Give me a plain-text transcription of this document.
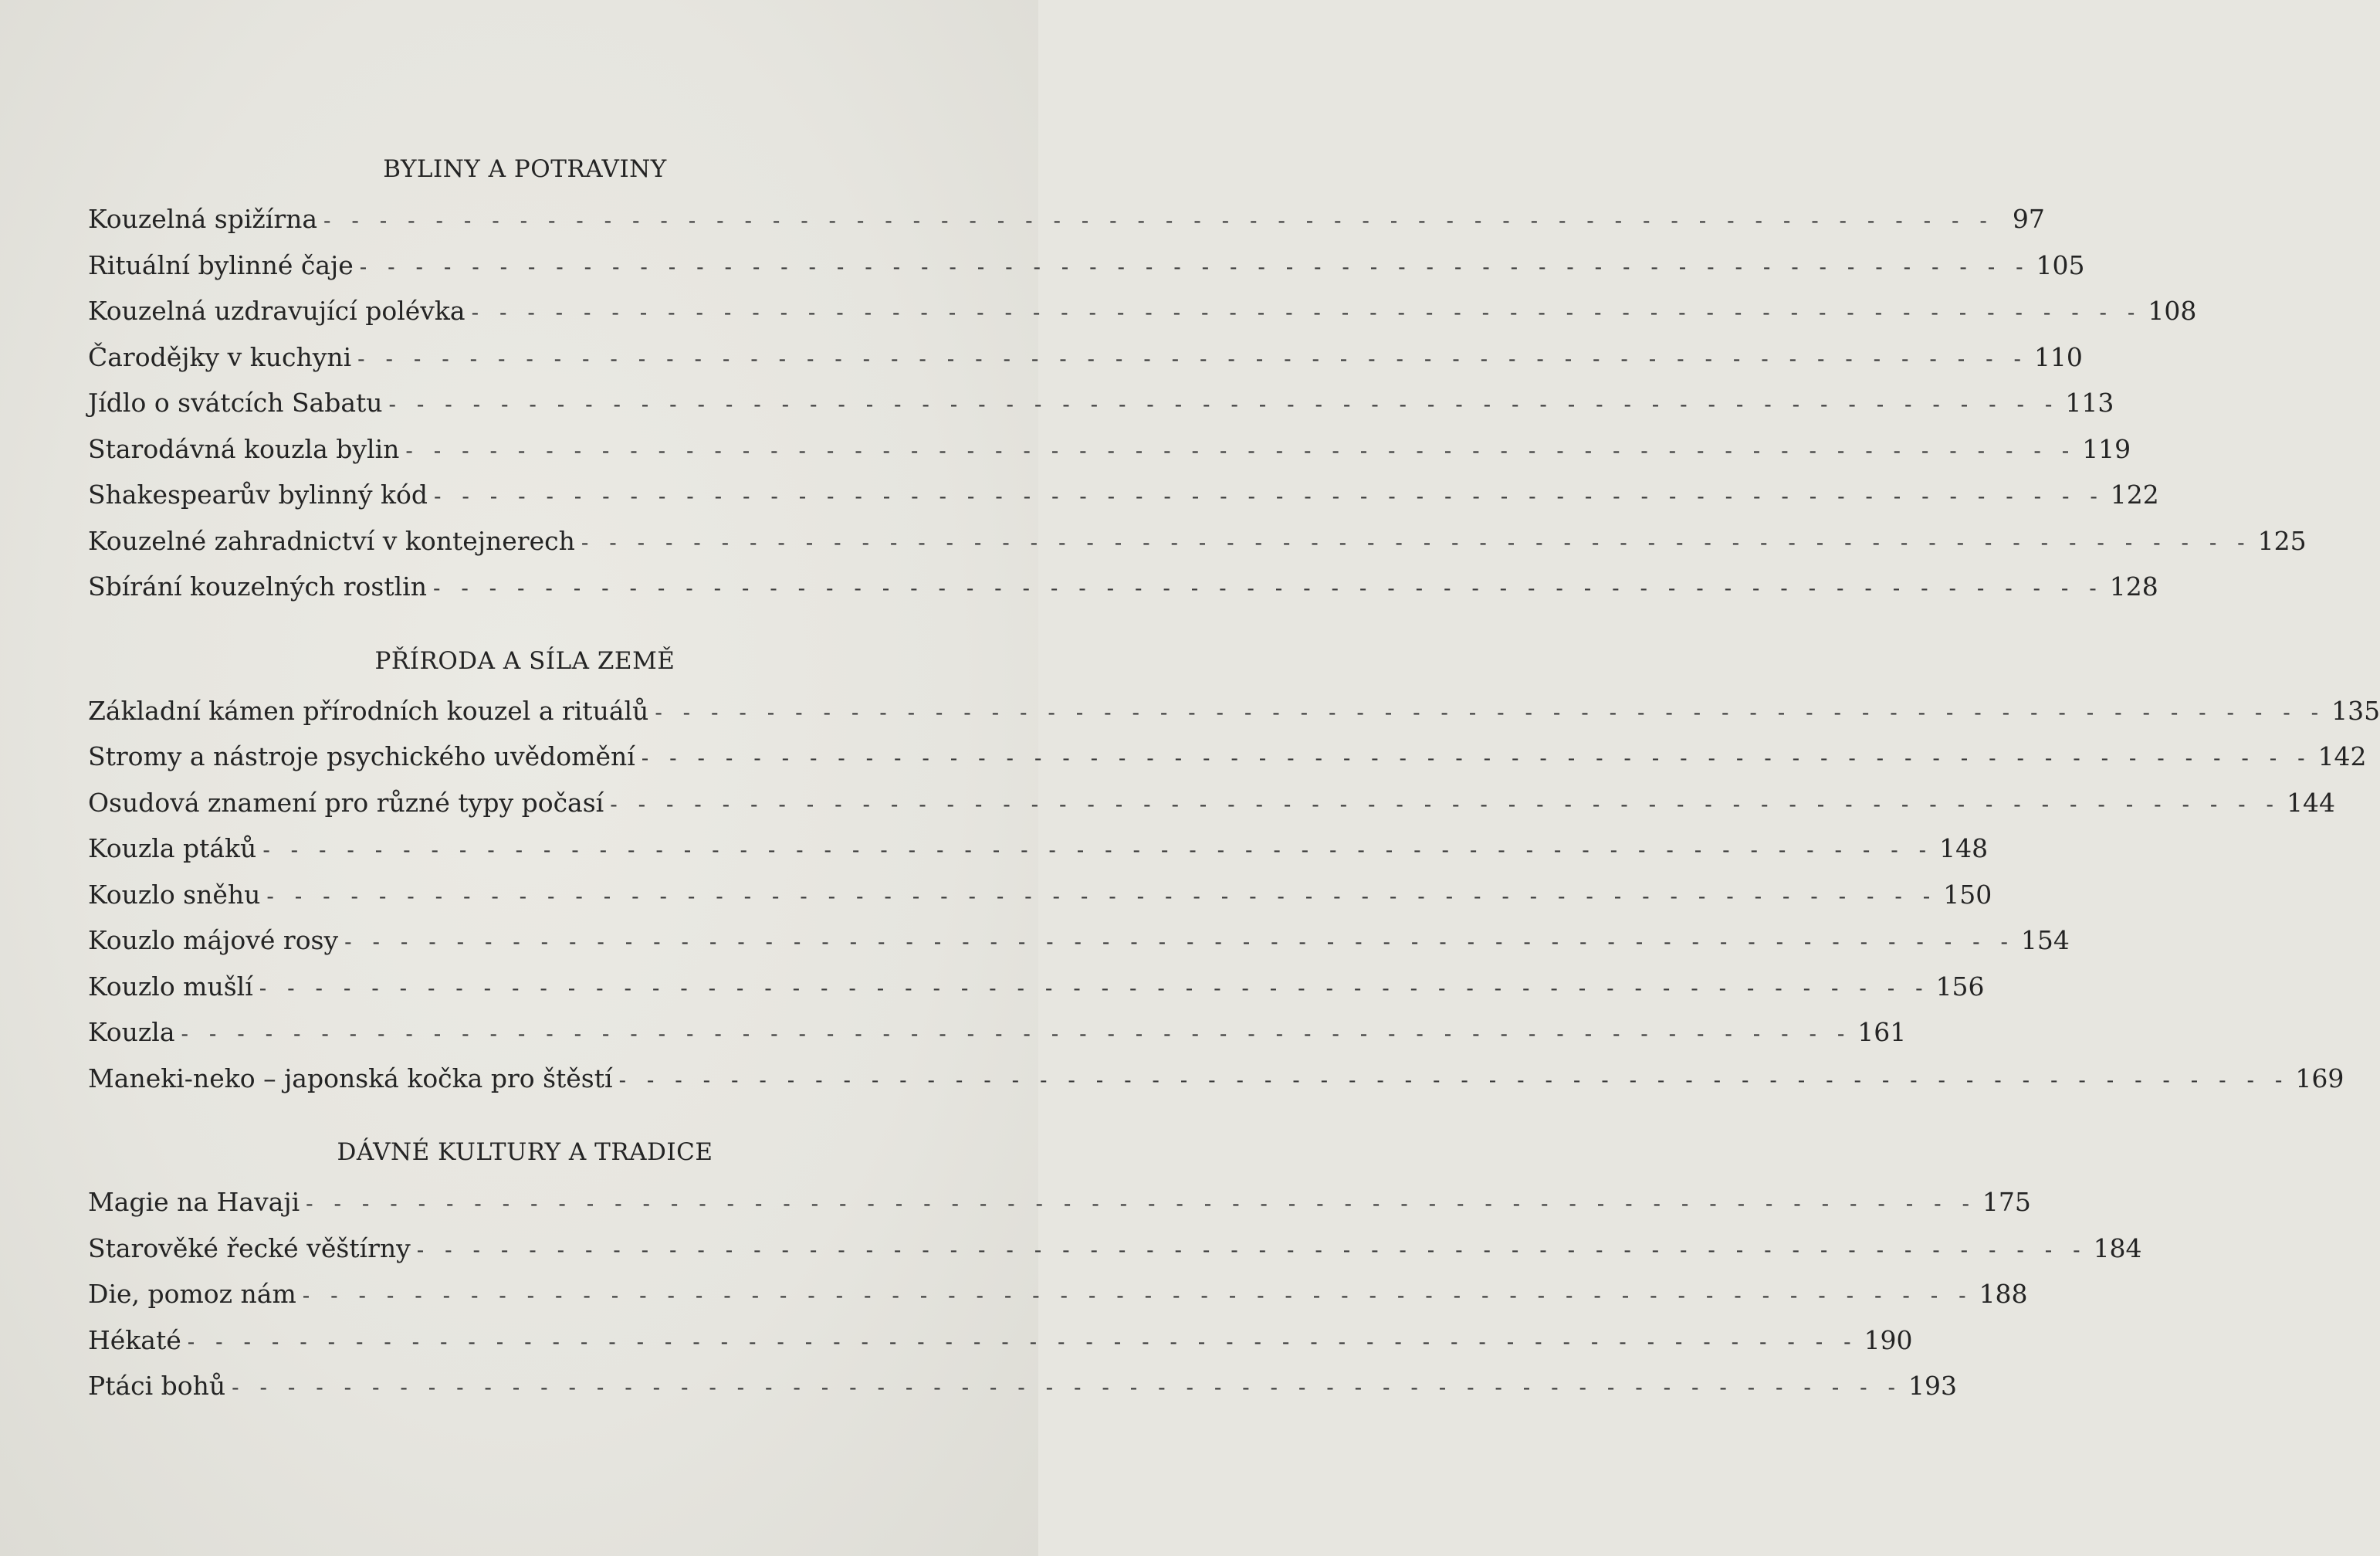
BYLINY A POTRAVINY
Kouzelná spižírna - - - - - - - - - - - - - - - - - - - - - - - - - - - - - - - - - - - - - - - - - - - - - - - - - - - - - - - - - - - - 97
Rituální bylinné čaje - - - - - - - - - - - - - - - - - - - - - - - - - - - - - - - - - - - - - - - - - - - - - - - - - - - - - - - - - - - - 105
Kouzelná uzdravující polévka - - - - - - - - - - - - - - - - - - - - - - - - - - - - - - - - - - - - - - - - - - - - - - - - - - - - - - - - - - - - 108
Čarodějky v kuchyni - - - - - - - - - - - - - - - - - - - - - - - - - - - - - - - - - - - - - - - - - - - - - - - - - - - - - - - - - - - - 110
Jídlo o svátcích Sabatu - - - - - - - - - - - - - - - - - - - - - - - - - - - - - - - - - - - - - - - - - - - - - - - - - - - - - - - - - - - - 113
Starodávná kouzla bylin - - - - - - - - - - - - - - - - - - - - - - - - - - - - - - - - - - - - - - - - - - - - - - - - - - - - - - - - - - - - 119
Shakespearův bylinný kód - - - - - - - - - - - - - - - - - - - - - - - - - - - - - - - - - - - - - - - - - - - - - - - - - - - - - - - - - - - - 122
Kouzelné zahradnictví v kontejnerech - - - - - - - - - - - - - - - - - - - - - - - - - - - - - - - - - - - - - - - - - - - - - - - - - - - - - - - - - - - - 125
Sbírání kouzelných rostlin - - - - - - - - - - - - - - - - - - - - - - - - - - - - - - - - - - - - - - - - - - - - - - - - - - - - - - - - - - - - 128
PŘÍRODA A SÍLA ZEMĚ
Základní kámen přírodních kouzel a rituálů - - - - - - - - - - - - - - - - - - - - - - - - - - - - - - - - - - - - - - - - - - - - - - - - - - - - - - - - - - - - 135
Stromy a nástroje psychického uvědomění - - - - - - - - - - - - - - - - - - - - - - - - - - - - - - - - - - - - - - - - - - - - - - - - - - - - - - - - - - - - 142
Osudová znamení pro různé typy počasí - - - - - - - - - - - - - - - - - - - - - - - - - - - - - - - - - - - - - - - - - - - - - - - - - - - - - - - - - - - - 144
Kouzla ptáků - - - - - - - - - - - - - - - - - - - - - - - - - - - - - - - - - - - - - - - - - - - - - - - - - - - - - - - - - - - - 148
Kouzlo sněhu - - - - - - - - - - - - - - - - - - - - - - - - - - - - - - - - - - - - - - - - - - - - - - - - - - - - - - - - - - - - 150
Kouzlo májové rosy - - - - - - - - - - - - - - - - - - - - - - - - - - - - - - - - - - - - - - - - - - - - - - - - - - - - - - - - - - - - 154
Kouzlo mušlí - - - - - - - - - - - - - - - - - - - - - - - - - - - - - - - - - - - - - - - - - - - - - - - - - - - - - - - - - - - - 156
Kouzla - - - - - - - - - - - - - - - - - - - - - - - - - - - - - - - - - - - - - - - - - - - - - - - - - - - - - - - - - - - - 161
Maneki-neko – japonská kočka pro štěstí - - - - - - - - - - - - - - - - - - - - - - - - - - - - - - - - - - - - - - - - - - - - - - - - - - - - - - - - - - - - 169
DÁVNÉ KULTURY A TRADICE
Magie na Havaji - - - - - - - - - - - - - - - - - - - - - - - - - - - - - - - - - - - - - - - - - - - - - - - - - - - - - - - - - - - - 175
Starověké řecké věštírny - - - - - - - - - - - - - - - - - - - - - - - - - - - - - - - - - - - - - - - - - - - - - - - - - - - - - - - - - - - - 184
Die, pomoz nám - - - - - - - - - - - - - - - - - - - - - - - - - - - - - - - - - - - - - - - - - - - - - - - - - - - - - - - - - - - - 188
Hékaté - - - - - - - - - - - - - - - - - - - - - - - - - - - - - - - - - - - - - - - - - - - - - - - - - - - - - - - - - - - - 190
Ptáci bohů - - - - - - - - - - - - - - - - - - - - - - - - - - - - - - - - - - - - - - - - - - - - - - - - - - - - - - - - - - - - 193
